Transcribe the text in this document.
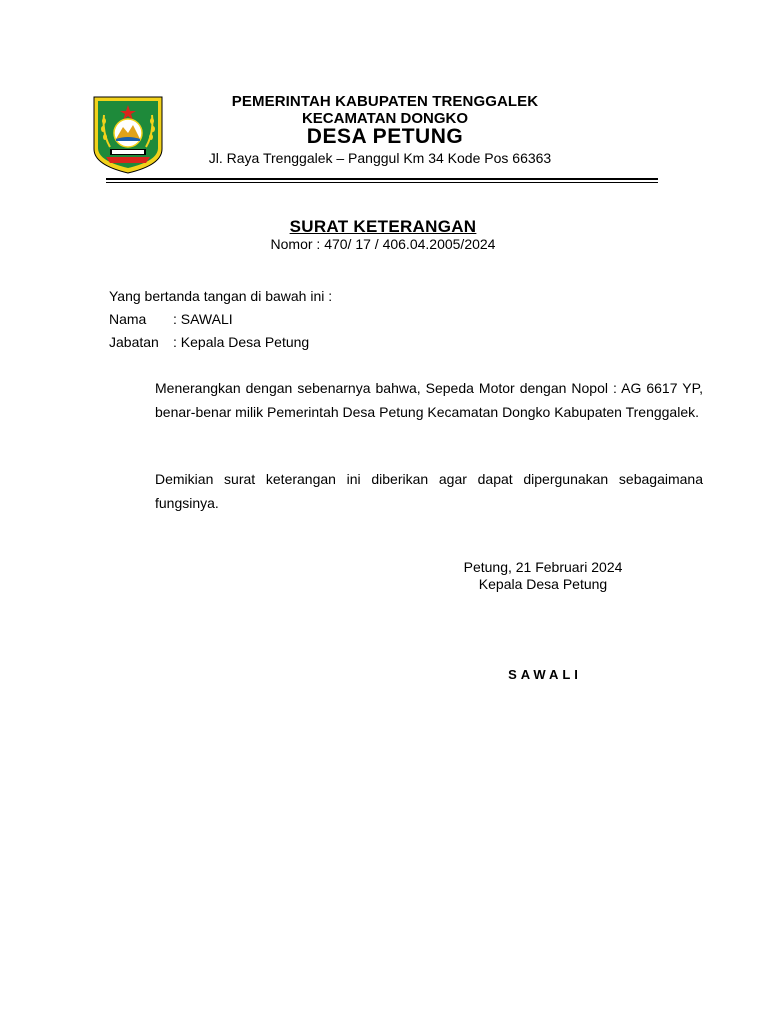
PEMERINTAH KABUPATEN TRENGGALEK
KECAMATAN DONGKO
DESA PETUNG
Jl. Raya Trenggalek – Panggul Km 34 Kode Pos 66363
SURAT KETERANGAN
Nomor : 470/ 17 / 406.04.2005/2024
Yang bertanda tangan di bawah ini :
Nama : SAWALI
Jabatan : Kepala Desa Petung
Menerangkan dengan sebenarnya bahwa, Sepeda Motor dengan Nopol : AG 6617 YP, benar-benar milik Pemerintah Desa Petung Kecamatan Dongko Kabupaten Trenggalek.
Demikian surat keterangan ini diberikan agar dapat dipergunakan sebagaimana fungsinya.
Petung, 21 Februari 2024
Kepala Desa Petung
SAWALI
